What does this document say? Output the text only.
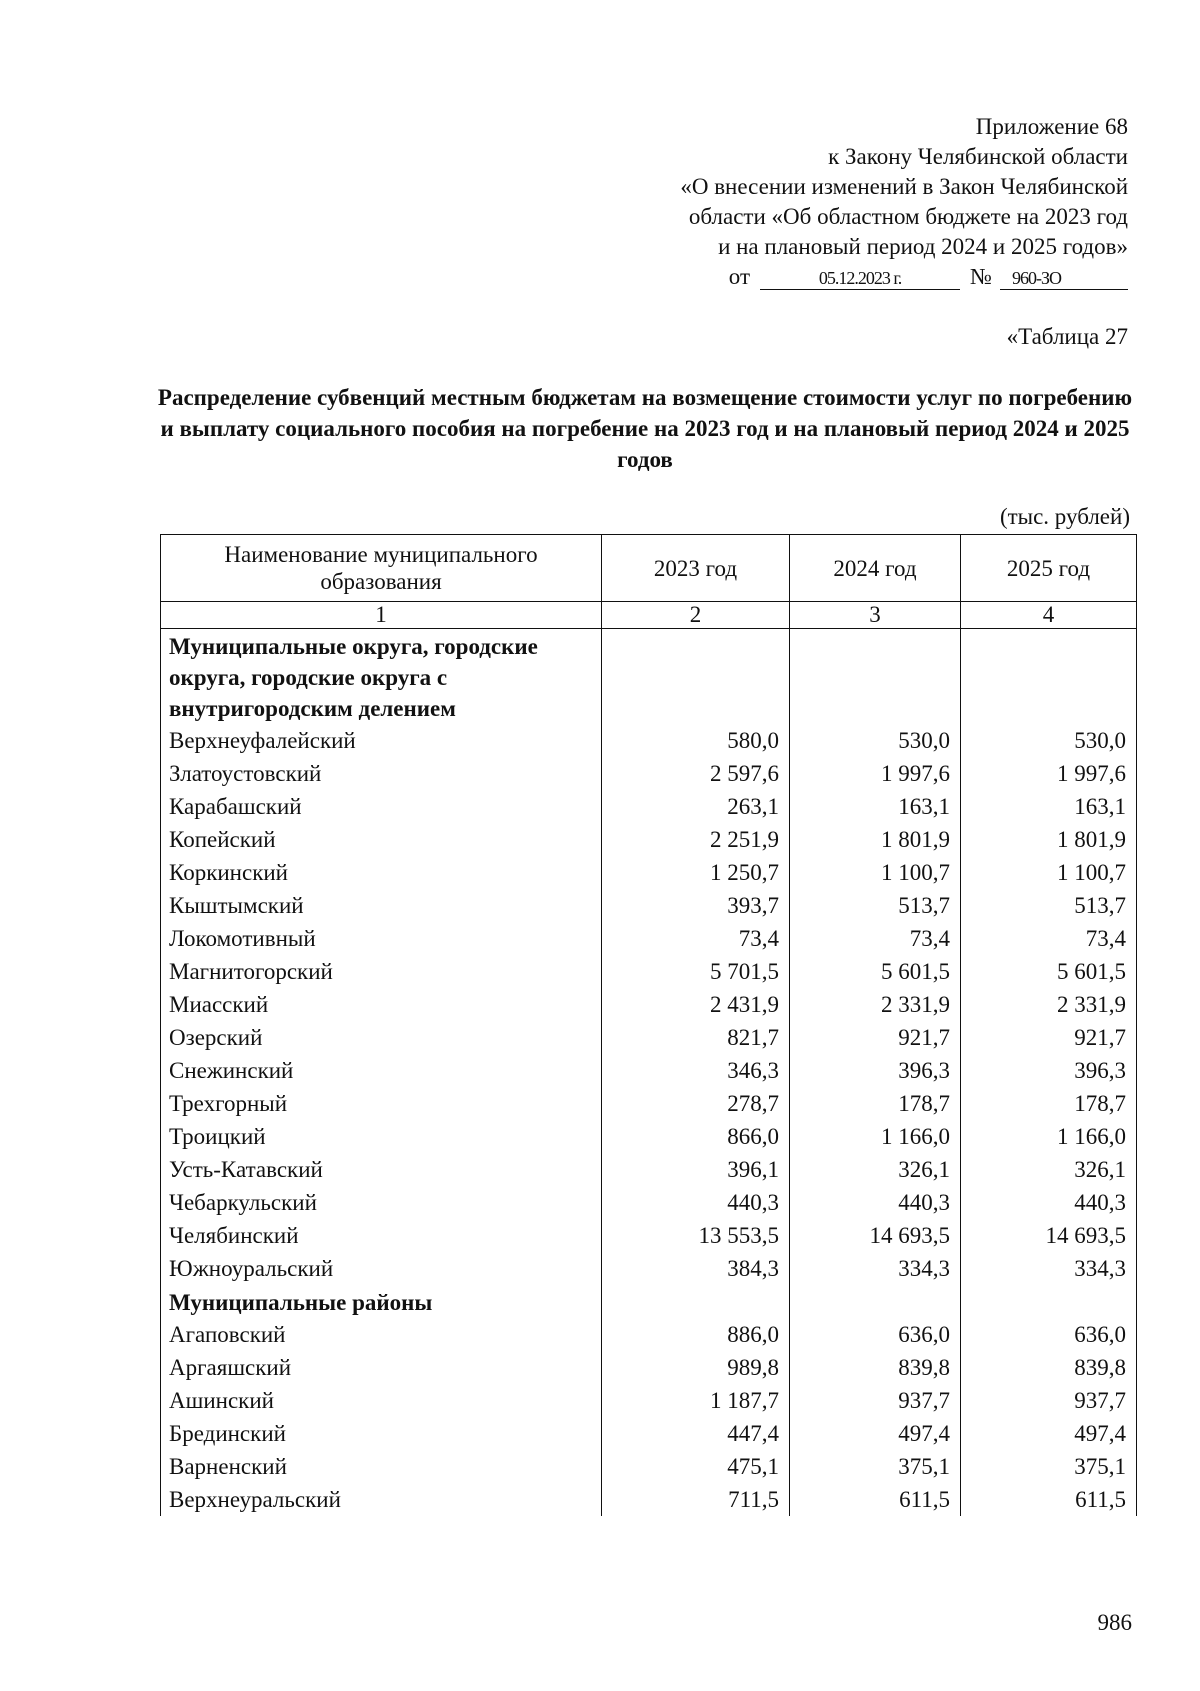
Приложение 68
к Закону Челябинской области
«О внесении изменений в Закон Челябинской
области «Об областном бюджете на 2023 год
и на плановый период 2024 и 2025 годов»
от	05.12.2023 г.	№	960-ЗО
«Таблица 27
Распределение субвенций местным бюджетам на возмещение стоимости услуг по погребению и выплату социального пособия на погребение на 2023 год и на плановый период 2024 и 2025 годов
(тыс. рублей)
Наименование муниципального образования	2023 год	2024 год	2025 год
1	2	3	4
Муниципальные округа, городские округа, городские округа с внутригородским делением			
Верхнеуфалейский	580,0	530,0	530,0
Златоустовский	2 597,6	1 997,6	1 997,6
Карабашский	263,1	163,1	163,1
Копейский	2 251,9	1 801,9	1 801,9
Коркинский	1 250,7	1 100,7	1 100,7
Кыштымский	393,7	513,7	513,7
Локомотивный	73,4	73,4	73,4
Магнитогорский	5 701,5	5 601,5	5 601,5
Миасский	2 431,9	2 331,9	2 331,9
Озерский	821,7	921,7	921,7
Снежинский	346,3	396,3	396,3
Трехгорный	278,7	178,7	178,7
Троицкий	866,0	1 166,0	1 166,0
Усть-Катавский	396,1	326,1	326,1
Чебаркульский	440,3	440,3	440,3
Челябинский	13 553,5	14 693,5	14 693,5
Южноуральский	384,3	334,3	334,3
Муниципальные районы			
Агаповский	886,0	636,0	636,0
Аргаяшский	989,8	839,8	839,8
Ашинский	1 187,7	937,7	937,7
Брединский	447,4	497,4	497,4
Варненский	475,1	375,1	375,1
Верхнеуральский	711,5	611,5	611,5
986
